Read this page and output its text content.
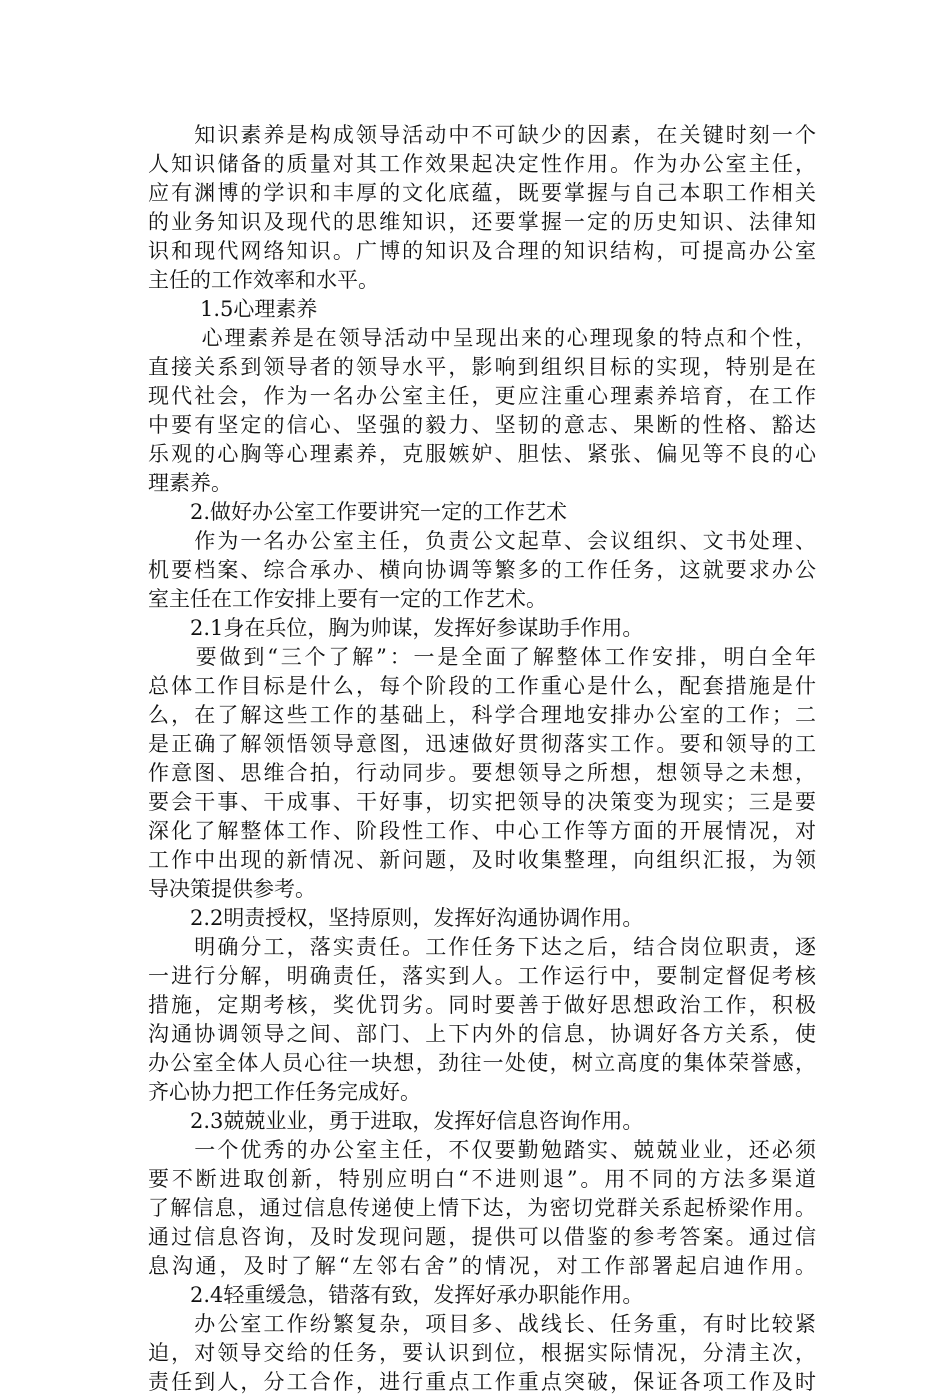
　　知识素养是构成领导活动中不可缺少的因素，在关键时刻一个
人知识储备的质量对其工作效果起决定性作用。作为办公室主任，
应有渊博的学识和丰厚的文化底蕴，既要掌握与自己本职工作相关
的业务知识及现代的思维知识，还要掌握一定的历史知识、法律知
识和现代网络知识。广博的知识及合理的知识结构，可提高办公室
主任的工作效率和水平。
　　1.5心理素养
　　心理素养是在领导活动中呈现出来的心理现象的特点和个性，
直接关系到领导者的领导水平，影响到组织目标的实现，特别是在
现代社会，作为一名办公室主任，更应注重心理素养培育，在工作
中要有坚定的信心、坚强的毅力、坚韧的意志、果断的性格、豁达
乐观的心胸等心理素养，克服嫉妒、胆怯、紧张、偏见等不良的心
理素养。
　　2.做好办公室工作要讲究一定的工作艺术
　　作为一名办公室主任，负责公文起草、会议组织、文书处理、
机要档案、综合承办、横向协调等繁多的工作任务，这就要求办公
室主任在工作安排上要有一定的工作艺术。
　　2.1身在兵位，胸为帅谋，发挥好参谋助手作用。
　　要做到“三个了解”：一是全面了解整体工作安排，明白全年
总体工作目标是什么，每个阶段的工作重心是什么，配套措施是什
么，在了解这些工作的基础上，科学合理地安排办公室的工作；二
是正确了解领悟领导意图，迅速做好贯彻落实工作。要和领导的工
作意图、思维合拍，行动同步。要想领导之所想，想领导之未想，
要会干事、干成事、干好事，切实把领导的决策变为现实；三是要
深化了解整体工作、阶段性工作、中心工作等方面的开展情况，对
工作中出现的新情况、新问题，及时收集整理，向组织汇报，为领
导决策提供参考。
　　2.2明责授权，坚持原则，发挥好沟通协调作用。
　　明确分工，落实责任。工作任务下达之后，结合岗位职责，逐
一进行分解，明确责任，落实到人。工作运行中，要制定督促考核
措施，定期考核，奖优罚劣。同时要善于做好思想政治工作，积极
沟通协调领导之间、部门、上下内外的信息，协调好各方关系，使
办公室全体人员心往一块想，劲往一处使，树立高度的集体荣誉感，
齐心协力把工作任务完成好。
　　2.3兢兢业业，勇于进取，发挥好信息咨询作用。
　　一个优秀的办公室主任，不仅要勤勉踏实、兢兢业业，还必须
要不断进取创新，特别应明白“不进则退”。用不同的方法多渠道
了解信息，通过信息传递使上情下达，为密切党群关系起桥梁作用。
通过信息咨询，及时发现问题，提供可以借鉴的参考答案。通过信
息沟通，及时了解“左邻右舍”的情况，对工作部署起启迪作用。
　　2.4轻重缓急，错落有致，发挥好承办职能作用。
　　办公室工作纷繁复杂，项目多、战线长、任务重，有时比较紧
迫，对领导交给的任务，要认识到位，根据实际情况，分清主次，
责任到人，分工合作，进行重点工作重点突破，保证各项工作及时
